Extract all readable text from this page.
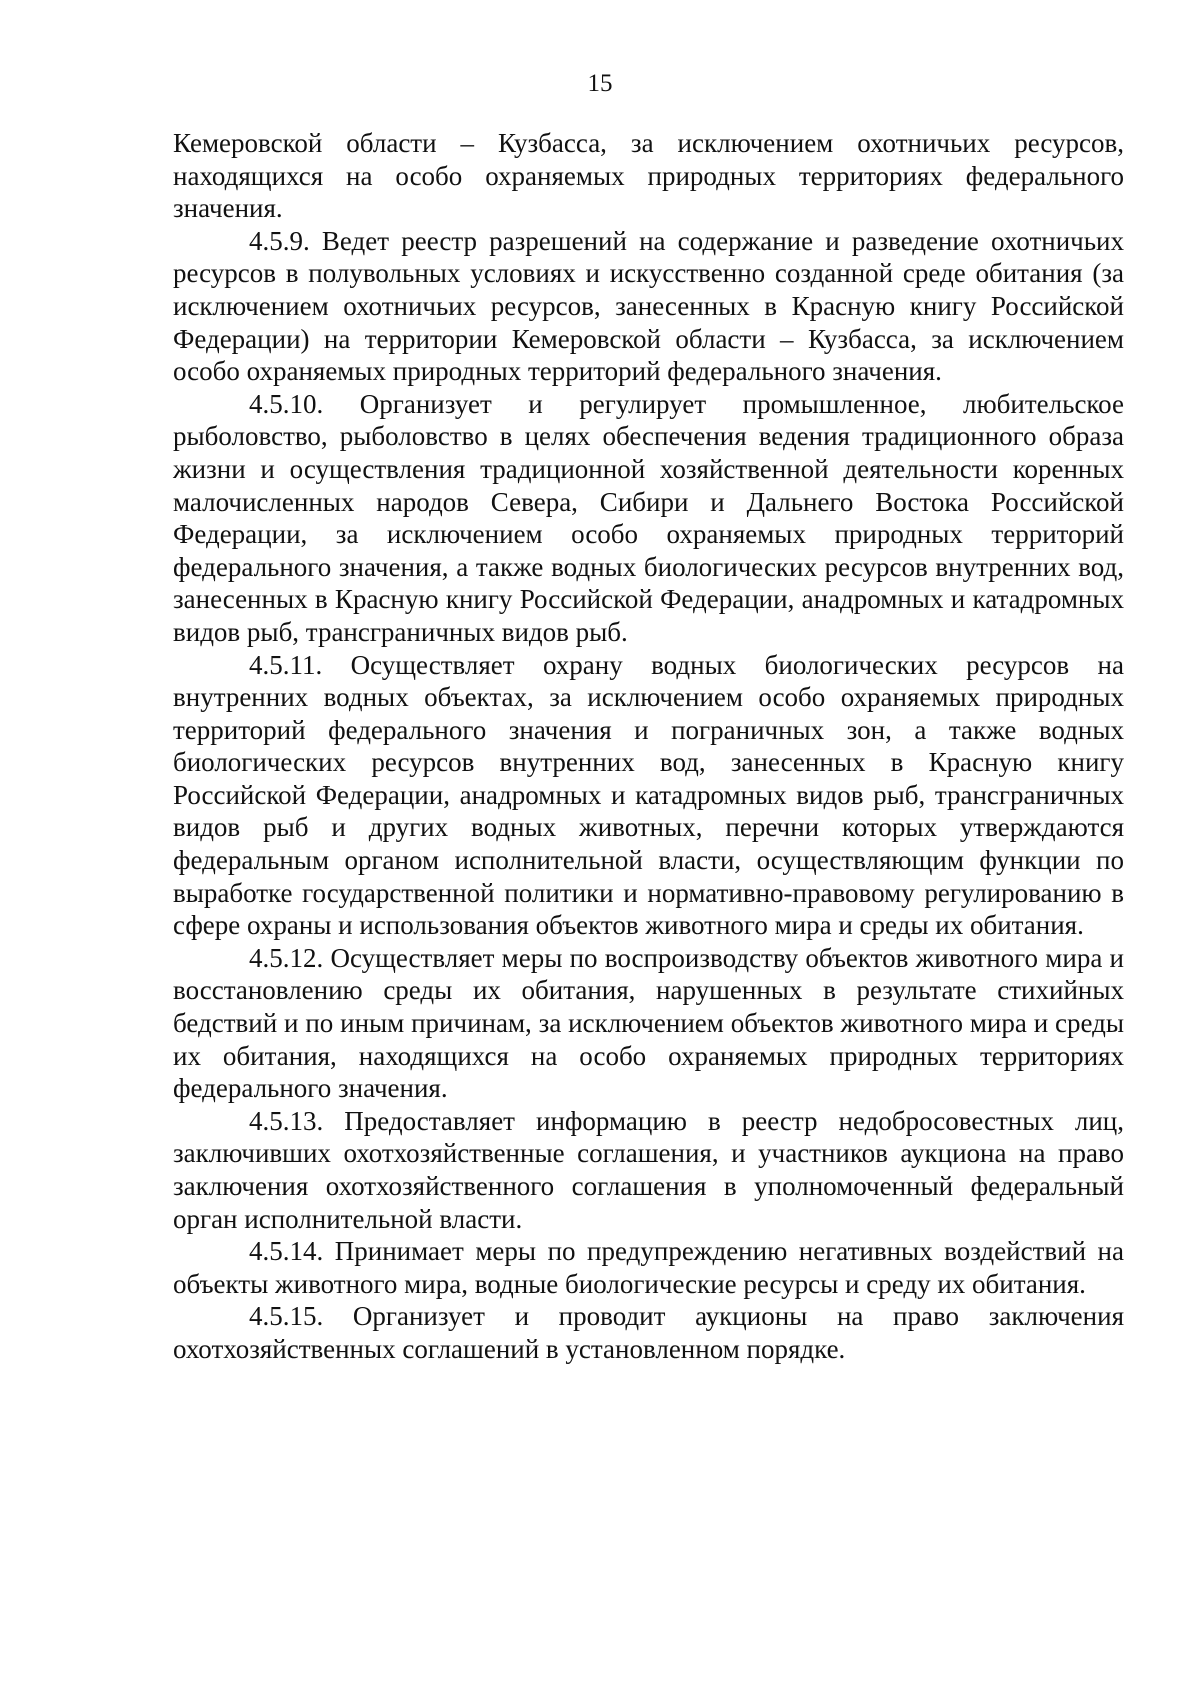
15

Кемеровской области – Кузбасса, за исключением охотничьих ресурсов, находящихся на особо охраняемых природных территориях федерального значения.

4.5.9. Ведет реестр разрешений на содержание и разведение охотничьих ресурсов в полувольных условиях и искусственно созданной среде обитания (за исключением охотничьих ресурсов, занесенных в Красную книгу Российской Федерации) на территории Кемеровской области – Кузбасса, за исключением особо охраняемых природных территорий федерального значения.

4.5.10. Организует и регулирует промышленное, любительское рыболовство, рыболовство в целях обеспечения ведения традиционного образа жизни и осуществления традиционной хозяйственной деятельности коренных малочисленных народов Севера, Сибири и Дальнего Востока Российской Федерации, за исключением особо охраняемых природных территорий федерального значения, а также водных биологических ресурсов внутренних вод, занесенных в Красную книгу Российской Федерации, анадромных и катадромных видов рыб, трансграничных видов рыб.

4.5.11. Осуществляет охрану водных биологических ресурсов на внутренних водных объектах, за исключением особо охраняемых природных территорий федерального значения и пограничных зон, а также водных биологических ресурсов внутренних вод, занесенных в Красную книгу Российской Федерации, анадромных и катадромных видов рыб, трансграничных видов рыб и других водных животных, перечни которых утверждаются федеральным органом исполнительной власти, осуществляющим функции по выработке государственной политики и нормативно-правовому регулированию в сфере охраны и использования объектов животного мира и среды их обитания.

4.5.12. Осуществляет меры по воспроизводству объектов животного мира и восстановлению среды их обитания, нарушенных в результате стихийных бедствий и по иным причинам, за исключением объектов животного мира и среды их обитания, находящихся на особо охраняемых природных территориях федерального значения.

4.5.13. Предоставляет информацию в реестр недобросовестных лиц, заключивших охотхозяйственные соглашения, и участников аукциона на право заключения охотхозяйственного соглашения в уполномоченный федеральный орган исполнительной власти.

4.5.14. Принимает меры по предупреждению негативных воздействий на объекты животного мира, водные биологические ресурсы и среду их обитания.

4.5.15. Организует и проводит аукционы на право заключения охотхозяйственных соглашений в установленном порядке.
